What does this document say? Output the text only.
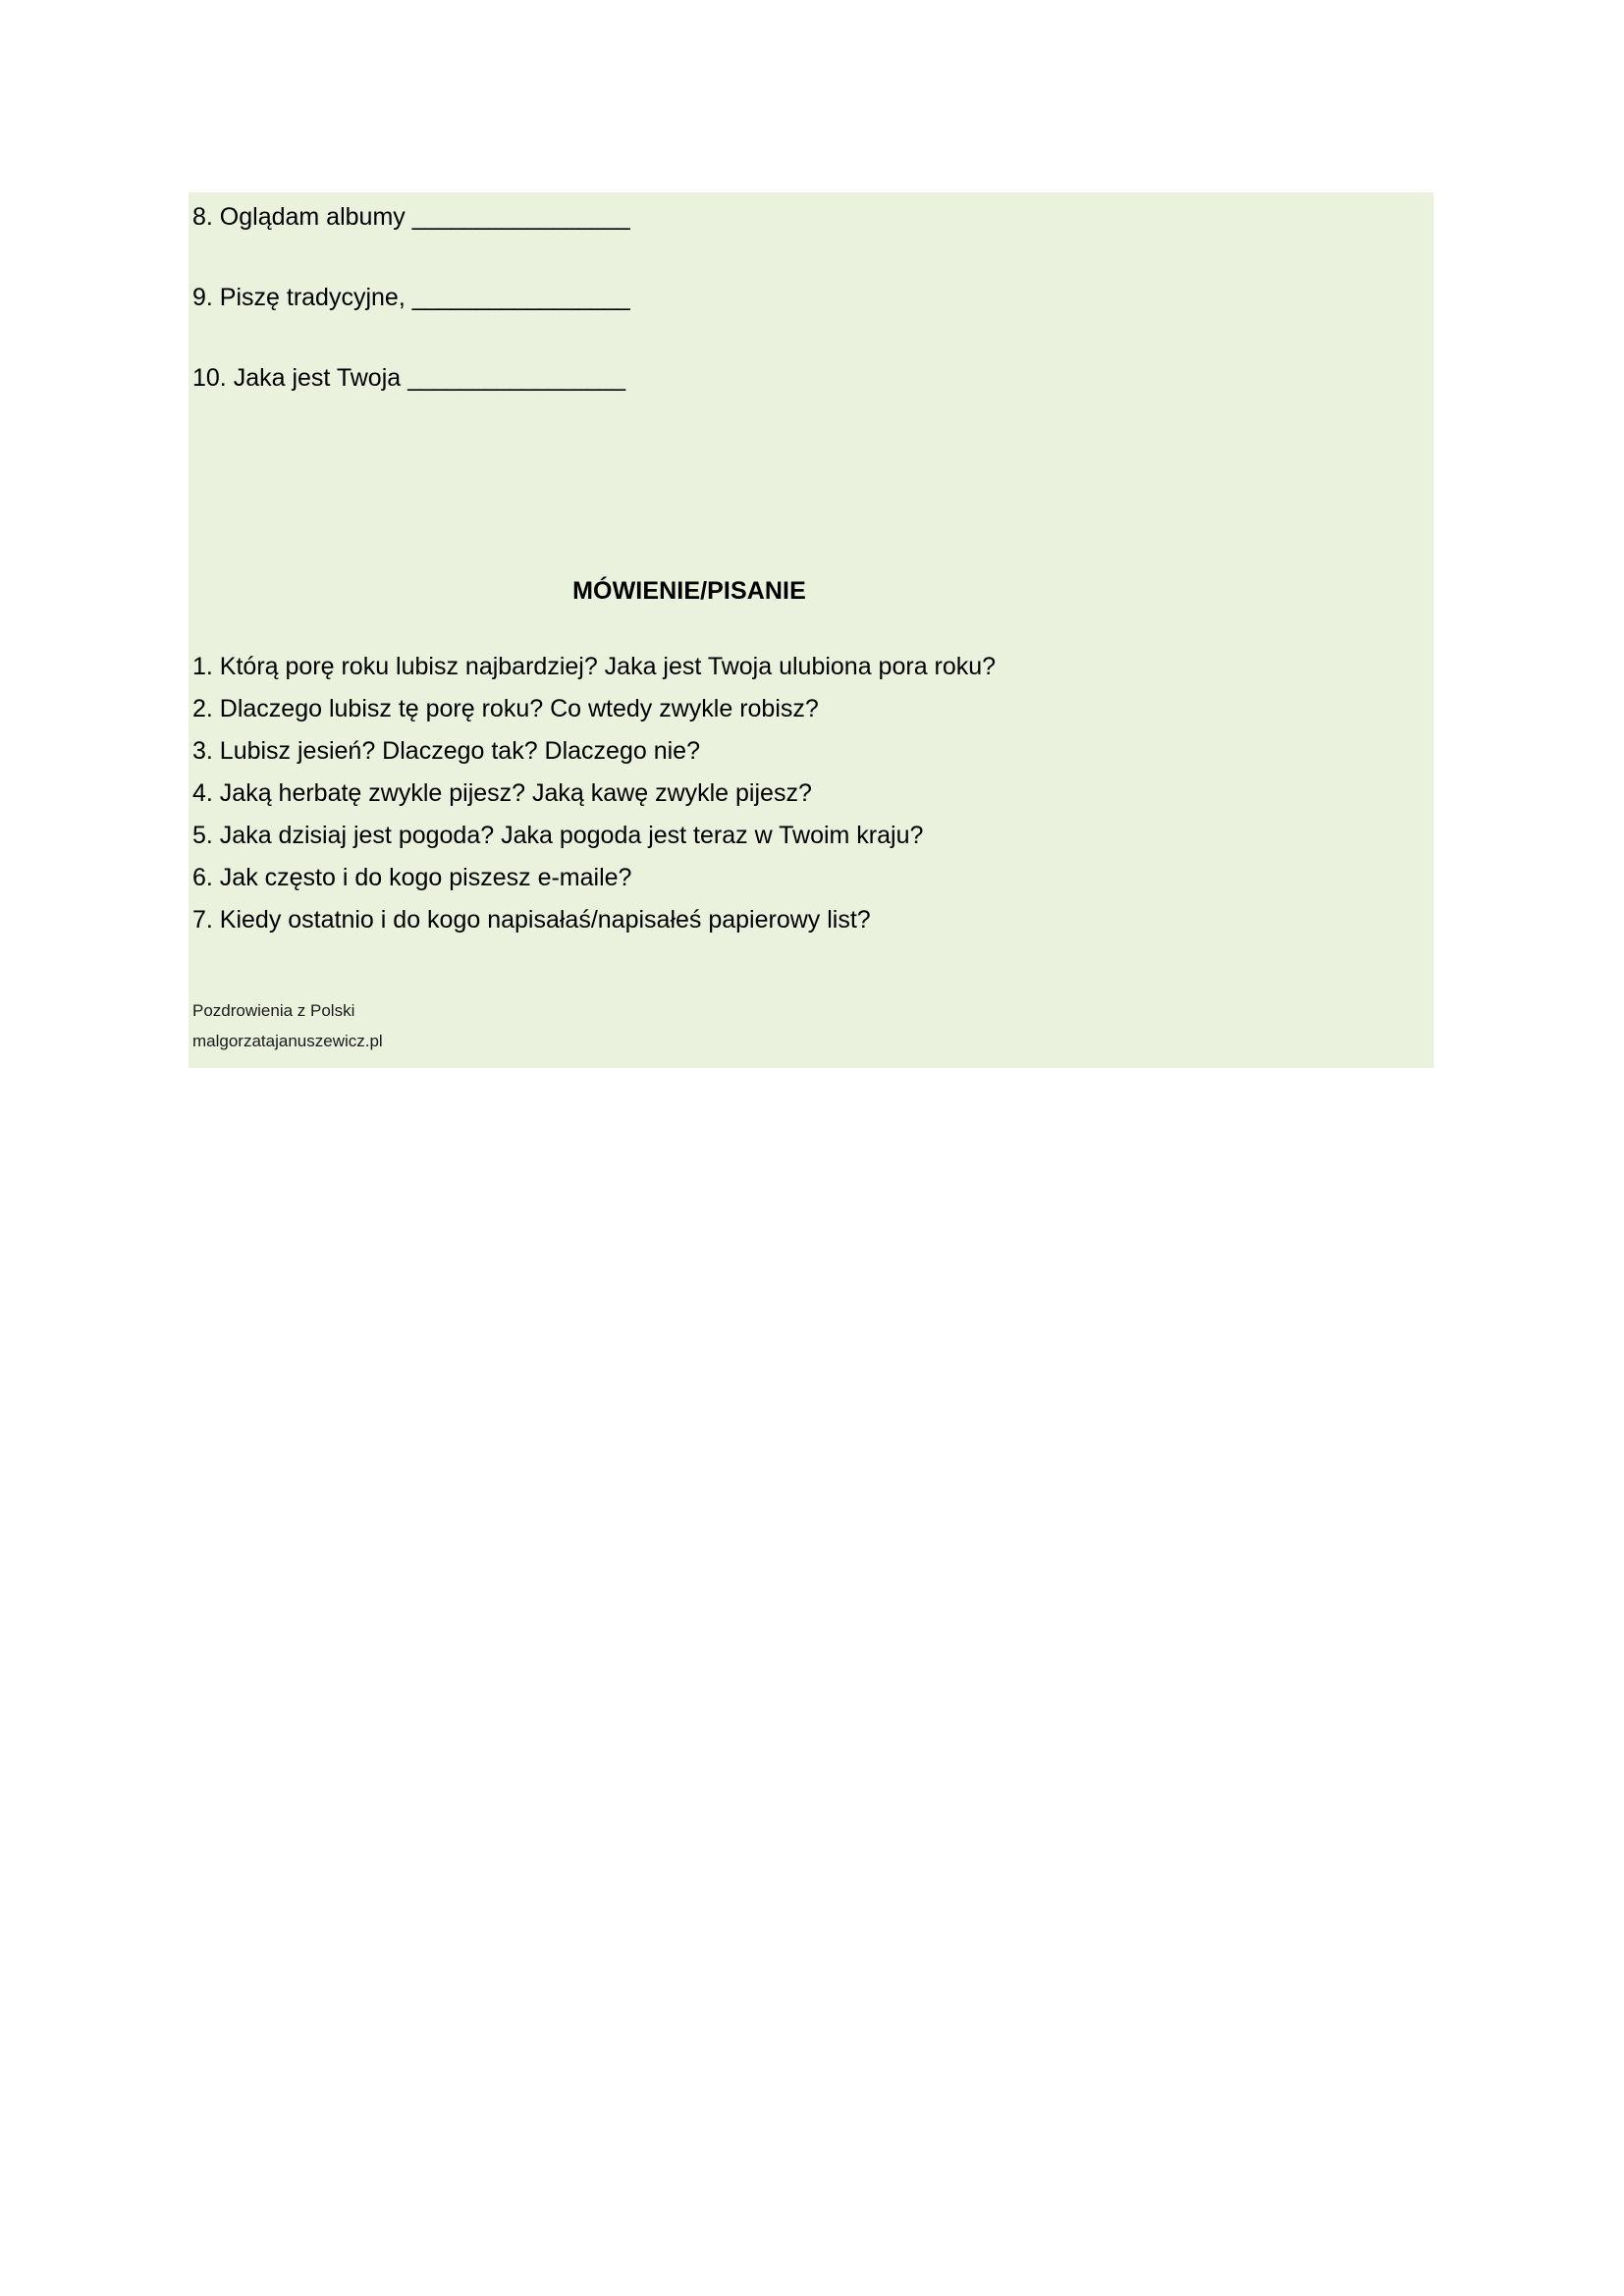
8. Oglądam albumy _________________
9. Piszę tradycyjne, _________________
10. Jaka jest Twoja _________________
MÓWIENIE/PISANIE
1. Którą porę roku lubisz najbardziej? Jaka jest Twoja ulubiona pora roku?
2. Dlaczego lubisz tę porę roku? Co wtedy zwykle robisz?
3. Lubisz jesień? Dlaczego tak? Dlaczego nie?
4. Jaką herbatę zwykle pijesz? Jaką kawę zwykle pijesz?
5. Jaka dzisiaj jest pogoda? Jaka pogoda jest teraz w Twoim kraju?
6. Jak często i do kogo piszesz e-maile?
7. Kiedy ostatnio i do kogo napisałaś/napisałeś papierowy list?
Pozdrowienia z Polski
malgorzatajanuszewicz.pl
